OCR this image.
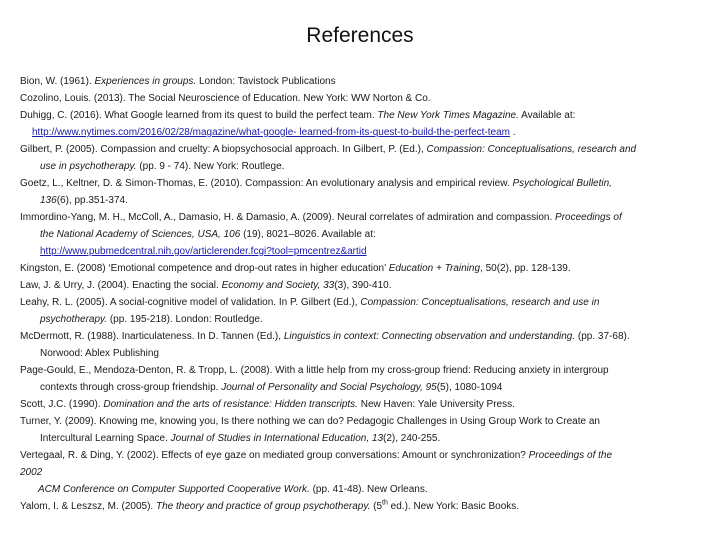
References
Bion, W. (1961). Experiences in groups. London: Tavistock Publications
Cozolino, Louis. (2013). The Social Neuroscience of Education. New York: WW Norton & Co.
Duhigg, C. (2016). What Google learned from its quest to build the perfect team. The New York Times Magazine. Available at:
http://www.nytimes.com/2016/02/28/magazine/what-google- learned-from-its-quest-to-build-the-perfect-team .
Gilbert, P. (2005). Compassion and cruelty: A biopsychosocial approach. In Gilbert, P. (Ed.), Compassion: Conceptualisations, research and
use in psychotherapy. (pp. 9 - 74). New York: Routlege.
Goetz, L., Keltner, D. & Simon-Thomas, E. (2010). Compassion: An evolutionary analysis and empirical review. Psychological Bulletin,
136(6), pp.351-374.
Immordino-Yang, M. H., McColl, A., Damasio, H. & Damasio, A. (2009). Neural correlates of admiration and compassion. Proceedings of
the National Academy of Sciences, USA, 106 (19), 8021–8026. Available at:
http://www.pubmedcentral.nih.gov/articlerender.fcgi?tool=pmcentrez&artid
Kingston, E. (2008) ‘Emotional competence and drop-out rates in higher education’ Education + Training, 50(2), pp. 128-139.
Law, J. & Urry, J. (2004). Enacting the social. Economy and Society, 33(3), 390-410.
Leahy, R. L. (2005). A social-cognitive model of validation. In P. Gilbert (Ed.), Compassion: Conceptualisations, research and use in
psychotherapy. (pp. 195-218). London: Routledge.
McDermott, R. (1988). Inarticulateness. In D. Tannen (Ed.), Linguistics in context: Connecting observation and understanding. (pp. 37-68).
Norwood: Ablex Publishing
Page-Gould, E., Mendoza-Denton, R. & Tropp, L. (2008). With a little help from my cross-group friend: Reducing anxiety in intergroup
contexts through cross-group friendship. Journal of Personality and Social Psychology, 95(5), 1080-1094
Scott, J.C. (1990). Domination and the arts of resistance: Hidden transcripts. New Haven: Yale University Press.
Turner, Y. (2009). Knowing me, knowing you, Is there nothing we can do? Pedagogic Challenges in Using Group Work to Create an
Intercultural Learning Space. Journal of Studies in International Education, 13(2), 240-255.
Vertegaal, R. & Ding, Y. (2002). Effects of eye gaze on mediated group conversations: Amount or synchronization? Proceedings of the
2002
ACM Conference on Computer Supported Cooperative Work. (pp. 41-48). New Orleans.
Yalom, I. & Leszsz, M. (2005). The theory and practice of group psychotherapy. (5th ed.). New York: Basic Books.
